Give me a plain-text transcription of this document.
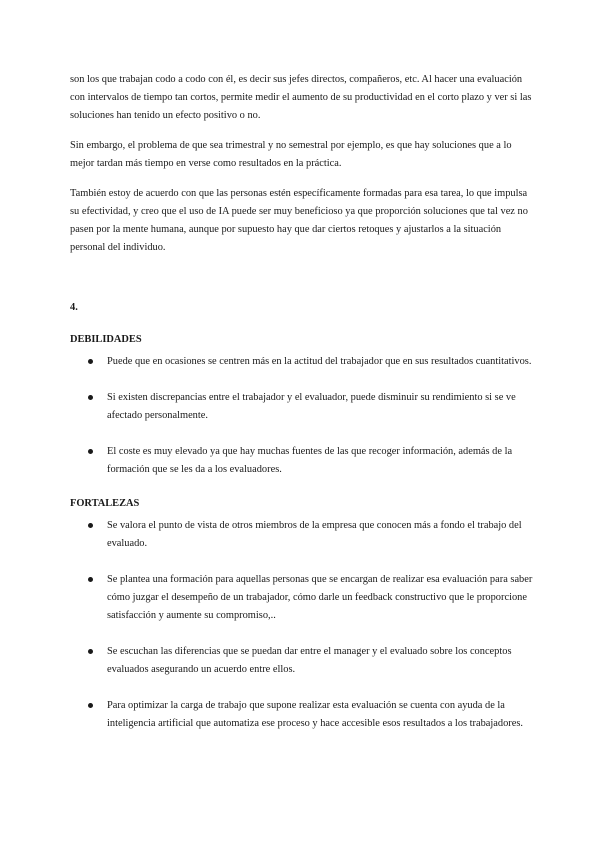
son los que trabajan codo a codo con él, es decir sus jefes directos, compañeros, etc. Al hacer una evaluación con intervalos de tiempo tan cortos, permite medir el aumento de su productividad en el corto plazo y ver si las soluciones han tenido un efecto positivo o no.

Sin embargo, el problema de que sea trimestral y no semestral por ejemplo, es que hay soluciones que a lo mejor tardan más tiempo en verse como resultados en la práctica.

También estoy de acuerdo con que las personas estén específicamente formadas para esa tarea, lo que impulsa su efectividad, y creo que el uso de IA puede ser muy beneficioso ya que proporción soluciones que tal vez no pasen por la mente humana, aunque por supuesto hay que dar ciertos retoques y ajustarlos a la situación personal del individuo.

4.
DEBILIDADES
Puede que en ocasiones se centren más en la actitud del trabajador que en sus resultados cuantitativos.
Si existen discrepancias entre el trabajador y el evaluador, puede disminuir su rendimiento si se ve afectado personalmente.
El coste es muy elevado ya que hay muchas fuentes de las que recoger información, además de la formación que se les da a los evaluadores.
FORTALEZAS
Se valora el punto de vista de otros miembros de la empresa que conocen más a fondo el trabajo del evaluado.
Se plantea una formación para aquellas personas que se encargan de realizar esa evaluación para saber cómo juzgar el desempeño de un trabajador, cómo darle un feedback constructivo que le proporcione satisfacción y aumente su compromiso,..
Se escuchan las diferencias que se puedan dar entre el manager y el evaluado sobre los conceptos evaluados asegurando un acuerdo entre ellos.
Para optimizar la carga de trabajo que supone realizar esta evaluación se cuenta con ayuda de la inteligencia artificial que automatiza ese proceso y hace accesible esos resultados a los trabajadores.
